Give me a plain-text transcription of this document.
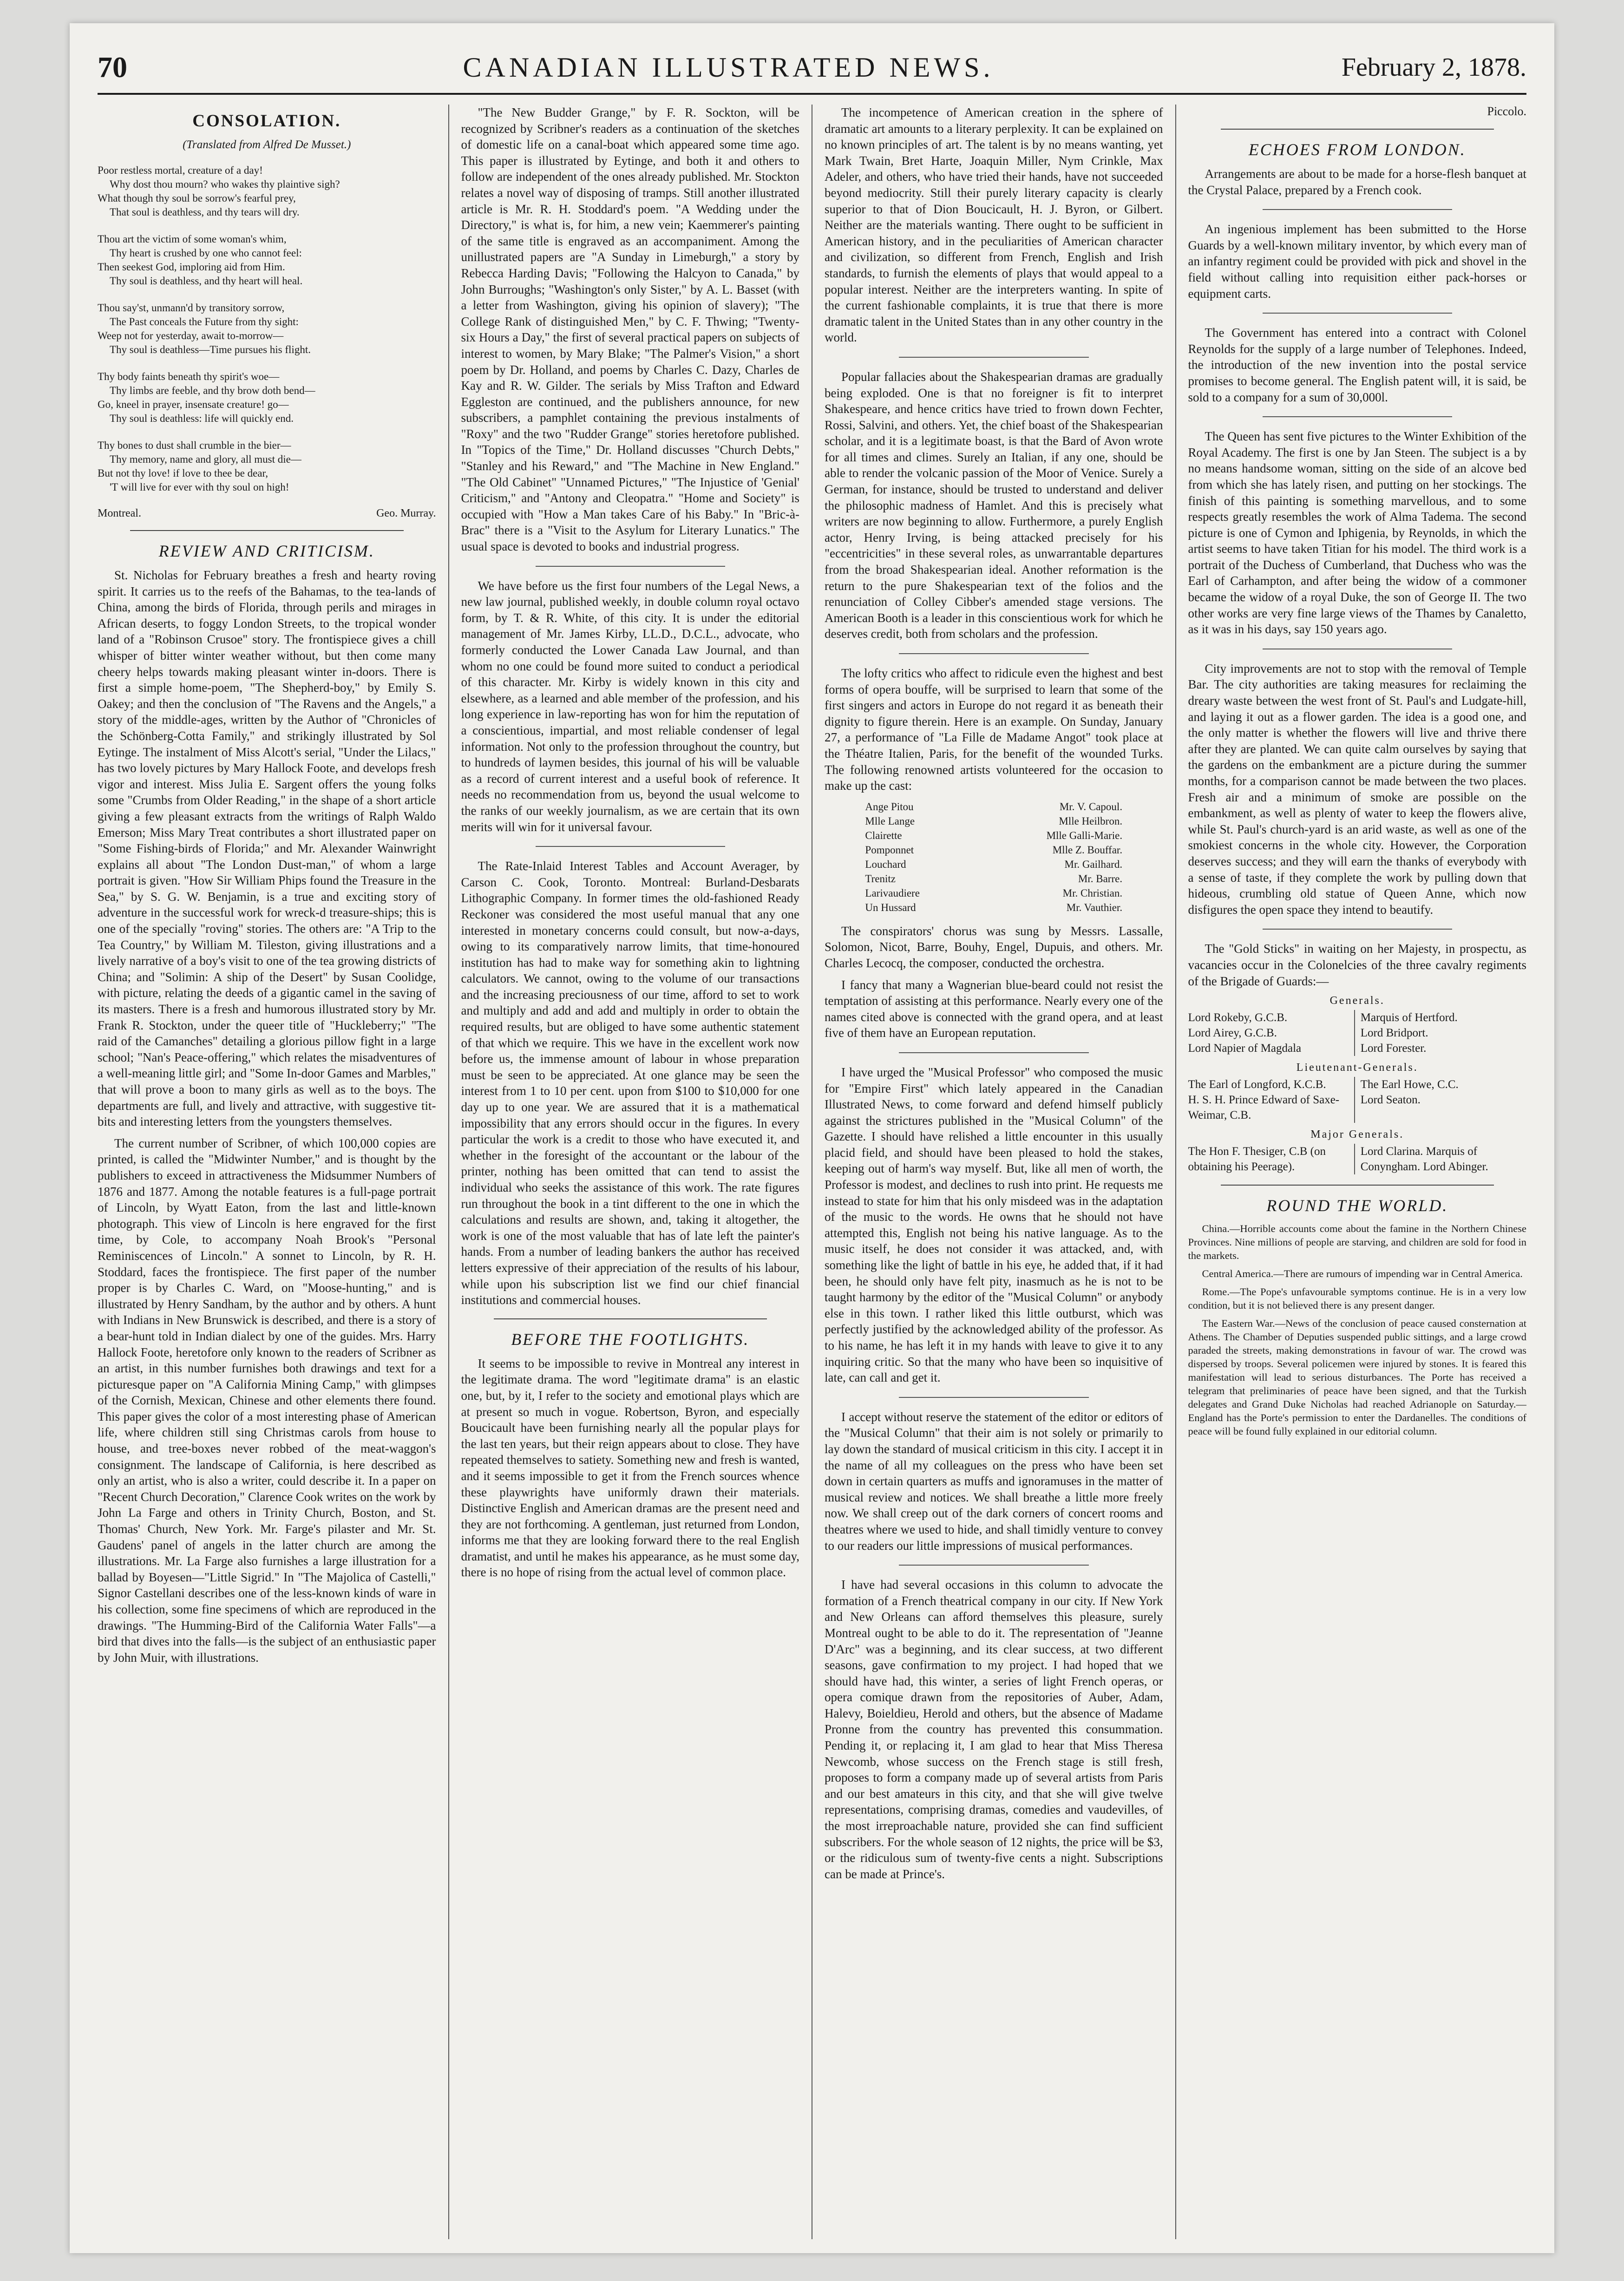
70	CANADIAN ILLUSTRATED NEWS.	February 2, 1878.
CONSOLATION.
(Translated from Alfred De Musset.)
Poor restless mortal, creature of a day!
Why dost thou mourn? who wakes thy plaintive sigh?
What though thy soul be sorrow's fearful prey,
That soul is deathless, and thy tears will dry.
Thou art the victim of some woman's whim,
Thy heart is crushed by one who cannot feel:
Then seekest God, imploring aid from Him.
Thy soul is deathless, and thy heart will heal.
Thou say'st, unmann'd by transitory sorrow,
The Past conceals the Future from thy sight:
Weep not for yesterday, await to-morrow—
Thy soul is deathless—Time pursues his flight.
Thy body faints beneath thy spirit's woe—
Thy limbs are feeble, and thy brow doth bend—
Go, kneel in prayer, insensate creature! go—
Thy soul is deathless: life will quickly end.
Thy bones to dust shall crumble in the bier—
Thy memory, name and glory, all must die—
But not thy love! if love to thee be dear,
'T will live for ever with thy soul on high!
Montreal.	Geo. Murray.
REVIEW AND CRITICISM.

St. Nicholas for February breathes a fresh and hearty roving spirit. It carries us to the reefs of the Bahamas, to the tea-lands of China, among the birds of Florida, through perils and mirages in African deserts, to foggy London Streets, to the tropical wonder land of a "Robinson Crusoe" story. The frontispiece gives a chill whisper of bitter winter weather without, but then come many cheery helps towards making pleasant winter in-doors. There is first a simple home-poem, "The Shepherd-boy," by Emily S. Oakey; and then the conclusion of "The Ravens and the Angels," a story of the middle-ages, written by the Author of "Chronicles of the Schönberg-Cotta Family," and strikingly illustrated by Sol Eytinge. The instalment of Miss Alcott's serial, "Under the Lilacs," has two lovely pictures by Mary Hallock Foote, and develops fresh vigor and interest. Miss Julia E. Sargent offers the young folks some "Crumbs from Older Reading," in the shape of a short article giving a few pleasant extracts from the writings of Ralph Waldo Emerson; Miss Mary Treat contributes a short illustrated paper on "Some Fishing-birds of Florida;" and Mr. Alexander Wainwright explains all about "The London Dust-man," of whom a large portrait is given. "How Sir William Phips found the Treasure in the Sea," by S. G. W. Benjamin, is a true and exciting story of adventure in the successful work for wreck-d treasure-ships; this is one of the specially "roving" stories. The others are: "A Trip to the Tea Country," by William M. Tileston, giving illustrations and a lively narrative of a boy's visit to one of the tea growing districts of China; and "Solimin: A ship of the Desert" by Susan Coolidge, with picture, relating the deeds of a gigantic camel in the saving of its masters. There is a fresh and humorous illustrated story by Mr. Frank R. Stockton, under the queer title of "Huckleberry;" "The raid of the Camanches" detailing a glorious pillow fight in a large school; "Nan's Peace-offering," which relates the misadventures of a well-meaning little girl; and "Some In-door Games and Marbles," that will prove a boon to many girls as well as to the boys. The departments are full, and lively and attractive, with suggestive tit-bits and interesting letters from the youngsters themselves.

The current number of Scribner, of which 100,000 copies are printed, is called the "Midwinter Number," and is thought by the publishers to exceed in attractiveness the Midsummer Numbers of 1876 and 1877. Among the notable features is a full-page portrait of Lincoln, by Wyatt Eaton, from the last and little-known photograph. This view of Lincoln is here engraved for the first time, by Cole, to accompany Noah Brook's "Personal Reminiscences of Lincoln." A sonnet to Lincoln, by R. H. Stoddard, faces the frontispiece. The first paper of the number proper is by Charles C. Ward, on "Moose-hunting," and is illustrated by Henry Sandham, by the author and by others. A hunt with Indians in New Brunswick is described, and there is a story of a bear-hunt told in Indian dialect by one of the guides. Mrs. Harry Hallock Foote, heretofore only known to the readers of Scribner as an artist, in this number furnishes both drawings and text for a picturesque paper on "A California Mining Camp," with glimpses of the Cornish, Mexican, Chinese and other elements there found. This paper gives the color of a most interesting phase of American life, where children still sing Christmas carols from house to house, and tree-boxes never robbed of the meat-waggon's consignment. The landscape of California, is here described as only an artist, who is also a writer, could describe it. In a paper on "Recent Church Decoration," Clarence Cook writes on the work by John La Farge and others in Trinity Church, Boston, and St. Thomas' Church, New York. Mr. Farge's pilaster and Mr. St. Gaudens' panel of angels in the latter church are among the illustrations. Mr. La Farge also furnishes a large illustration for a ballad by Boyesen—"Little Sigrid." In "The Majolica of Castelli," Signor Castellani describes one of the less-known kinds of ware in his collection, some fine specimens of which are reproduced in the drawings. "The Humming-Bird of the California Water Falls"—a bird that dives into the falls—is the subject of an enthusiastic paper by John Muir, with illustrations.

"The New Budder Grange," by F. R. Sockton, will be recognized by Scribner's readers as a continuation of the sketches of domestic life on a canal-boat which appeared some time ago. This paper is illustrated by Eytinge, and both it and others to follow are independent of the ones already published. Mr. Stockton relates a novel way of disposing of tramps. Still another illustrated article is Mr. R. H. Stoddard's poem. "A Wedding under the Directory," is what is, for him, a new vein; Kaemmerer's painting of the same title is engraved as an accompaniment. Among the unillustrated papers are "A Sunday in Limeburgh," a story by Rebecca Harding Davis; "Following the Halcyon to Canada," by John Burroughs; "Washington's only Sister," by A. L. Basset (with a letter from Washington, giving his opinion of slavery); "The College Rank of distinguished Men," by C. F. Thwing; "Twenty-six Hours a Day," the first of several practical papers on subjects of interest to women, by Mary Blake; "The Palmer's Vision," a short poem by Dr. Holland, and poems by Charles C. Dazy, Charles de Kay and R. W. Gilder. The serials by Miss Trafton and Edward Eggleston are continued, and the publishers announce, for new subscribers, a pamphlet containing the previous instalments of "Roxy" and the two "Rudder Grange" stories heretofore published. In "Topics of the Time," Dr. Holland discusses "Church Debts," "Stanley and his Reward," and "The Machine in New England." "The Old Cabinet" "Unnamed Pictures," "The Injustice of 'Genial' Criticism," and "Antony and Cleopatra." "Home and Society" is occupied with "How a Man takes Care of his Baby." In "Bric-à-Brac" there is a "Visit to the Asylum for Literary Lunatics." The usual space is devoted to books and industrial progress.

We have before us the first four numbers of the Legal News, a new law journal, published weekly, in double column royal octavo form, by T. & R. White, of this city. It is under the editorial management of Mr. James Kirby, LL.D., D.C.L., advocate, who formerly conducted the Lower Canada Law Journal, and than whom no one could be found more suited to conduct a periodical of this character. Mr. Kirby is widely known in this city and elsewhere, as a learned and able member of the profession, and his long experience in law-reporting has won for him the reputation of a conscientious, impartial, and most reliable condenser of legal information. Not only to the profession throughout the country, but to hundreds of laymen besides, this journal of his will be valuable as a record of current interest and a useful book of reference. It needs no recommendation from us, beyond the usual welcome to the ranks of our weekly journalism, as we are certain that its own merits will win for it universal favour.

The Rate-Inlaid Interest Tables and Account Averager, by Carson C. Cook, Toronto. Montreal: Burland-Desbarats Lithographic Company. In former times the old-fashioned Ready Reckoner was considered the most useful manual that any one interested in monetary concerns could consult, but now-a-days, owing to its comparatively narrow limits, that time-honoured institution has had to make way for something akin to lightning calculators. We cannot, owing to the volume of our transactions and the increasing preciousness of our time, afford to set to work and multiply and add and add and multiply in order to obtain the required results, but are obliged to have some authentic statement of that which we require. This we have in the excellent work now before us, the immense amount of labour in whose preparation must be seen to be appreciated. At one glance may be seen the interest from 1 to 10 per cent. upon from $100 to $10,000 for one day up to one year. We are assured that it is a mathematical impossibility that any errors should occur in the figures. In every particular the work is a credit to those who have executed it, and whether in the foresight of the accountant or the labour of the printer, nothing has been omitted that can tend to assist the individual who seeks the assistance of this work. The rate figures run throughout the book in a tint different to the one in which the calculations and results are shown, and, taking it altogether, the work is one of the most valuable that has of late left the painter's hands. From a number of leading bankers the author has received letters expressive of their appreciation of the results of his labour, while upon his subscription list we find our chief financial institutions and commercial houses.

BEFORE THE FOOTLIGHTS.

It seems to be impossible to revive in Montreal any interest in the legitimate drama. The word "legitimate drama" is an elastic one, but, by it, I refer to the society and emotional plays which are at present so much in vogue. Robertson, Byron, and especially Boucicault have been furnishing nearly all the popular plays for the last ten years, but their reign appears about to close. They have repeated themselves to satiety. Something new and fresh is wanted, and it seems impossible to get it from the French sources whence these playwrights have uniformly drawn their materials. Distinctive English and American dramas are the present need and they are not forthcoming. A gentleman, just returned from London, informs me that they are looking forward there to the real English dramatist, and until he makes his appearance, as he must some day, there is no hope of rising from the actual level of common place.

The incompetence of American creation in the sphere of dramatic art amounts to a literary perplexity. It can be explained on no known principles of art. The talent is by no means wanting, yet Mark Twain, Bret Harte, Joaquin Miller, Nym Crinkle, Max Adeler, and others, who have tried their hands, have not succeeded beyond mediocrity. Still their purely literary capacity is clearly superior to that of Dion Boucicault, H. J. Byron, or Gilbert. Neither are the materials wanting. There ought to be sufficient in American history, and in the peculiarities of American character and civilization, so different from French, English and Irish standards, to furnish the elements of plays that would appeal to a popular interest. Neither are the interpreters wanting. In spite of the current fashionable complaints, it is true that there is more dramatic talent in the United States than in any other country in the world.

Popular fallacies about the Shakespearian dramas are gradually being exploded. One is that no foreigner is fit to interpret Shakespeare, and hence critics have tried to frown down Fechter, Rossi, Salvini, and others. Yet, the chief boast of the Shakespearian scholar, and it is a legitimate boast, is that the Bard of Avon wrote for all times and climes. Surely an Italian, if any one, should be able to render the volcanic passion of the Moor of Venice. Surely a German, for instance, should be trusted to understand and deliver the philosophic madness of Hamlet. And this is precisely what writers are now beginning to allow. Furthermore, a purely English actor, Henry Irving, is being attacked precisely for his "eccentricities" in these several roles, as unwarrantable departures from the broad Shakespearian ideal. Another reformation is the return to the pure Shakespearian text of the folios and the renunciation of Colley Cibber's amended stage versions. The American Booth is a leader in this conscientious work for which he deserves credit, both from scholars and the profession.

The lofty critics who affect to ridicule even the highest and best forms of opera bouffe, will be surprised to learn that some of the first singers and actors in Europe do not regard it as beneath their dignity to figure therein. Here is an example. On Sunday, January 27, a performance of "La Fille de Madame Angot" took place at the Théatre Italien, Paris, for the benefit of the wounded Turks. The following renowned artists volunteered for the occasion to make up the cast:

Ange Pitou	Mr. V. Capoul.
Mlle Lange	Mlle Heilbron.
Clairette	Mlle Galli-Marie.
Pomponnet	Mlle Z. Bouffar.
Louchard	Mr. Gailhard.
Trenitz	Mr. Barre.
Larivaudiere	Mr. Christian.
Un Hussard	Mr. Vauthier.

The conspirators' chorus was sung by Messrs. Lassalle, Solomon, Nicot, Barre, Bouhy, Engel, Dupuis, and others. Mr. Charles Lecocq, the composer, conducted the orchestra.

I fancy that many a Wagnerian blue-beard could not resist the temptation of assisting at this performance. Nearly every one of the names cited above is connected with the grand opera, and at least five of them have an European reputation.

I have urged the "Musical Professor" who composed the music for "Empire First" which lately appeared in the Canadian Illustrated News, to come forward and defend himself publicly against the strictures published in the "Musical Column" of the Gazette. I should have relished a little encounter in this usually placid field, and should have been pleased to hold the stakes, keeping out of harm's way myself. But, like all men of worth, the Professor is modest, and declines to rush into print. He requests me instead to state for him that his only misdeed was in the adaptation of the music to the words. He owns that he should not have attempted this, English not being his native language. As to the music itself, he does not consider it was attacked, and, with something like the light of battle in his eye, he added that, if it had been, he should only have felt pity, inasmuch as he is not to be taught harmony by the editor of the "Musical Column" or anybody else in this town. I rather liked this little outburst, which was perfectly justified by the acknowledged ability of the professor. As to his name, he has left it in my hands with leave to give it to any inquiring critic. So that the many who have been so inquisitive of late, can call and get it.

I accept without reserve the statement of the editor or editors of the "Musical Column" that their aim is not solely or primarily to lay down the standard of musical criticism in this city. I accept it in the name of all my colleagues on the press who have been set down in certain quarters as muffs and ignoramuses in the matter of musical review and notices. We shall breathe a little more freely now. We shall creep out of the dark corners of concert rooms and theatres where we used to hide, and shall timidly venture to convey to our readers our little impressions of musical performances.

I have had several occasions in this column to advocate the formation of a French theatrical company in our city. If New York and New Orleans can afford themselves this pleasure, surely Montreal ought to be able to do it. The representation of "Jeanne D'Arc" was a beginning, and its clear success, at two different seasons, gave confirmation to my project. I had hoped that we should have had, this winter, a series of light French operas, or opera comique drawn from the repositories of Auber, Adam, Halevy, Boieldieu, Herold and others, but the absence of Madame Pronne from the country has prevented this consummation. Pending it, or replacing it, I am glad to hear that Miss Theresa Newcomb, whose success on the French stage is still fresh, proposes to form a company made up of several artists from Paris and our best amateurs in this city, and that she will give twelve representations, comprising dramas, comedies and vaudevilles, of the most irreproachable nature, provided she can find sufficient subscribers. For the whole season of 12 nights, the price will be $3, or the ridiculous sum of twenty-five cents a night. Subscriptions can be made at Prince's.

Piccolo.
ECHOES FROM LONDON.

Arrangements are about to be made for a horse-flesh banquet at the Crystal Palace, prepared by a French cook.

An ingenious implement has been submitted to the Horse Guards by a well-known military inventor, by which every man of an infantry regiment could be provided with pick and shovel in the field without calling into requisition either pack-horses or equipment carts.

The Government has entered into a contract with Colonel Reynolds for the supply of a large number of Telephones. Indeed, the introduction of the new invention into the postal service promises to become general. The English patent will, it is said, be sold to a company for a sum of 30,000l.

The Queen has sent five pictures to the Winter Exhibition of the Royal Academy. The first is one by Jan Steen. The subject is a by no means handsome woman, sitting on the side of an alcove bed from which she has lately risen, and putting on her stockings. The finish of this painting is something marvellous, and to some respects greatly resembles the work of Alma Tadema. The second picture is one of Cymon and Iphigenia, by Reynolds, in which the artist seems to have taken Titian for his model. The third work is a portrait of the Duchess of Cumberland, that Duchess who was the Earl of Carhampton, and after being the widow of a commoner became the widow of a royal Duke, the son of George II. The two other works are very fine large views of the Thames by Canaletto, as it was in his days, say 150 years ago.

City improvements are not to stop with the removal of Temple Bar. The city authorities are taking measures for reclaiming the dreary waste between the west front of St. Paul's and Ludgate-hill, and laying it out as a flower garden. The idea is a good one, and the only matter is whether the flowers will live and thrive there after they are planted. We can quite calm ourselves by saying that the gardens on the embankment are a picture during the summer months, for a comparison cannot be made between the two places. Fresh air and a minimum of smoke are possible on the embankment, as well as plenty of water to keep the flowers alive, while St. Paul's church-yard is an arid waste, as well as one of the smokiest concerns in the whole city. However, the Corporation deserves success; and they will earn the thanks of everybody with a sense of taste, if they complete the work by pulling down that hideous, crumbling old statue of Queen Anne, which now disfigures the open space they intend to beautify.

The "Gold Sticks" in waiting on her Majesty, in prospectu, as vacancies occur in the Colonelcies of the three cavalry regiments of the Brigade of Guards:—

Generals.
Lord Rokeby, G.C.B.	Marquis of Hertford.
Lord Airey, G.C.B.	Lord Bridport.
Lord Napier of Magdala	Lord Forester.
Lieutenant-Generals.
The Earl of Longford, K.C.B.	The Earl Howe, C.C.
H. S. H. Prince Edward of Saxe-Weimar, C.B.
Lord Seaton.
Major Generals.
The Hon F. Thesiger, C.B (on obtaining his Peerage).
Lord Clarina. Marquis of Conyngham. Lord Abinger.
ROUND THE WORLD.

China.—Horrible accounts come about the famine in the Northern Chinese Provinces. Nine millions of people are starving, and children are sold for food in the markets.

Central America.—There are rumours of impending war in Central America.

Rome.—The Pope's unfavourable symptoms continue. He is in a very low condition, but it is not believed there is any present danger.

The Eastern War.—News of the conclusion of peace caused consternation at Athens. The Chamber of Deputies suspended public sittings, and a large crowd paraded the streets, making demonstrations in favour of war. The crowd was dispersed by troops. Several policemen were injured by stones. It is feared this manifestation will lead to serious disturbances. The Porte has received a telegram that preliminaries of peace have been signed, and that the Turkish delegates and Grand Duke Nicholas had reached Adrianople on Saturday.—England has the Porte's permission to enter the Dardanelles. The conditions of peace will be found fully explained in our editorial column.
